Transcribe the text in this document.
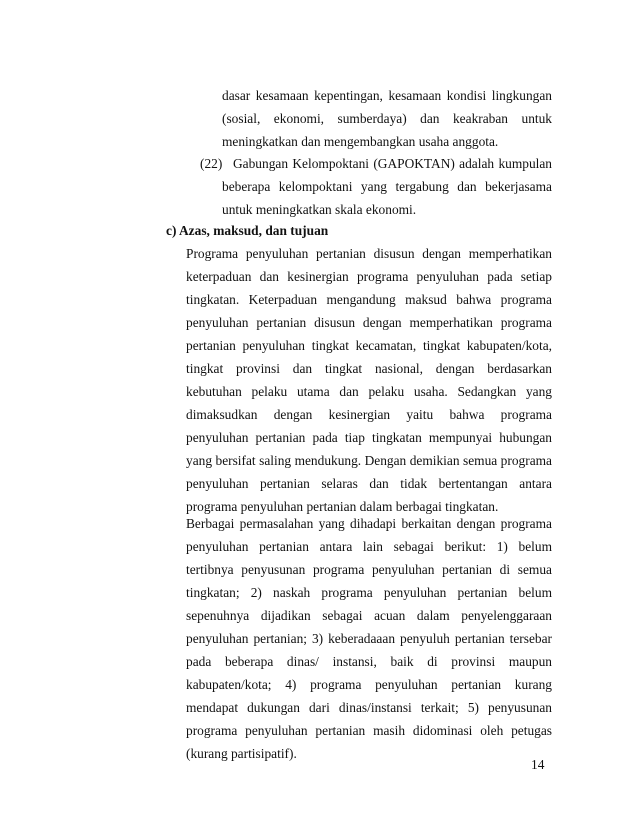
dasar kesamaan kepentingan, kesamaan kondisi lingkungan
(sosial, ekonomi, sumberdaya) dan keakraban untuk
meningkatkan dan mengembangkan usaha anggota.
(22) Gabungan Kelompoktani (GAPOKTAN) adalah kumpulan
beberapa kelompoktani yang tergabung dan bekerjasama
untuk meningkatkan skala ekonomi.
c) Azas, maksud, dan tujuan
Programa penyuluhan pertanian disusun dengan memperhatikan
keterpaduan dan kesinergian programa penyuluhan pada setiap
tingkatan. Keterpaduan mengandung maksud bahwa programa
penyuluhan pertanian disusun dengan memperhatikan programa
pertanian penyuluhan tingkat kecamatan, tingkat kabupaten/kota,
tingkat provinsi dan tingkat nasional, dengan berdasarkan
kebutuhan pelaku utama dan pelaku usaha. Sedangkan yang
dimaksudkan dengan kesinergian yaitu bahwa programa
penyuluhan pertanian pada tiap tingkatan mempunyai hubungan
yang bersifat saling mendukung. Dengan demikian semua programa
penyuluhan pertanian selaras dan tidak bertentangan antara
programa penyuluhan pertanian dalam berbagai tingkatan.
Berbagai permasalahan yang dihadapi berkaitan dengan programa
penyuluhan pertanian antara lain sebagai berikut: 1) belum
tertibnya penyusunan programa penyuluhan pertanian di semua
tingkatan; 2) naskah programa penyuluhan pertanian belum
sepenuhnya dijadikan sebagai acuan dalam penyelenggaraan
penyuluhan pertanian; 3) keberadaaan penyuluh pertanian tersebar
pada beberapa dinas/ instansi, baik di provinsi maupun
kabupaten/kota; 4) programa penyuluhan pertanian kurang
mendapat dukungan dari dinas/instansi terkait; 5) penyusunan
programa penyuluhan pertanian masih didominasi oleh petugas
(kurang partisipatif).
14
